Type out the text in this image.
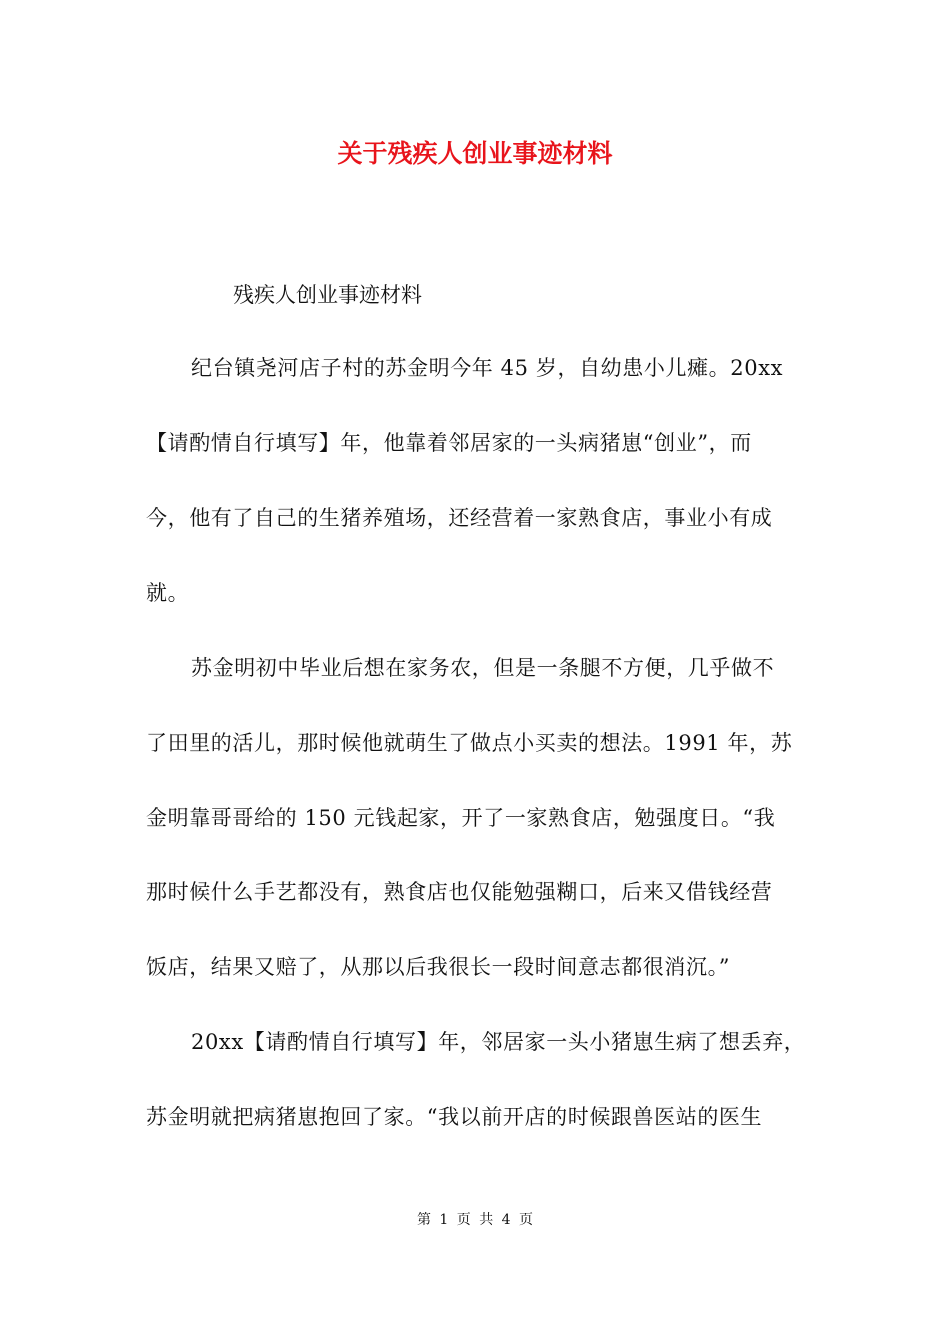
关于残疾人创业事迹材料
残疾人创业事迹材料
纪台镇尧河店子村的苏金明今年 45 岁，自幼患小儿瘫。20xx
【请酌情自行填写】年，他靠着邻居家的一头病猪崽“创业”，而
今，他有了自己的生猪养殖场，还经营着一家熟食店，事业小有成
就。
苏金明初中毕业后想在家务农，但是一条腿不方便，几乎做不
了田里的活儿，那时候他就萌生了做点小买卖的想法。1991 年，苏
金明靠哥哥给的 150 元钱起家，开了一家熟食店，勉强度日。“我
那时候什么手艺都没有，熟食店也仅能勉强糊口，后来又借钱经营
饭店，结果又赔了，从那以后我很长一段时间意志都很消沉。”
20xx【请酌情自行填写】年，邻居家一头小猪崽生病了想丢弃，
苏金明就把病猪崽抱回了家。“我以前开店的时候跟兽医站的医生
第 1 页 共 4 页
